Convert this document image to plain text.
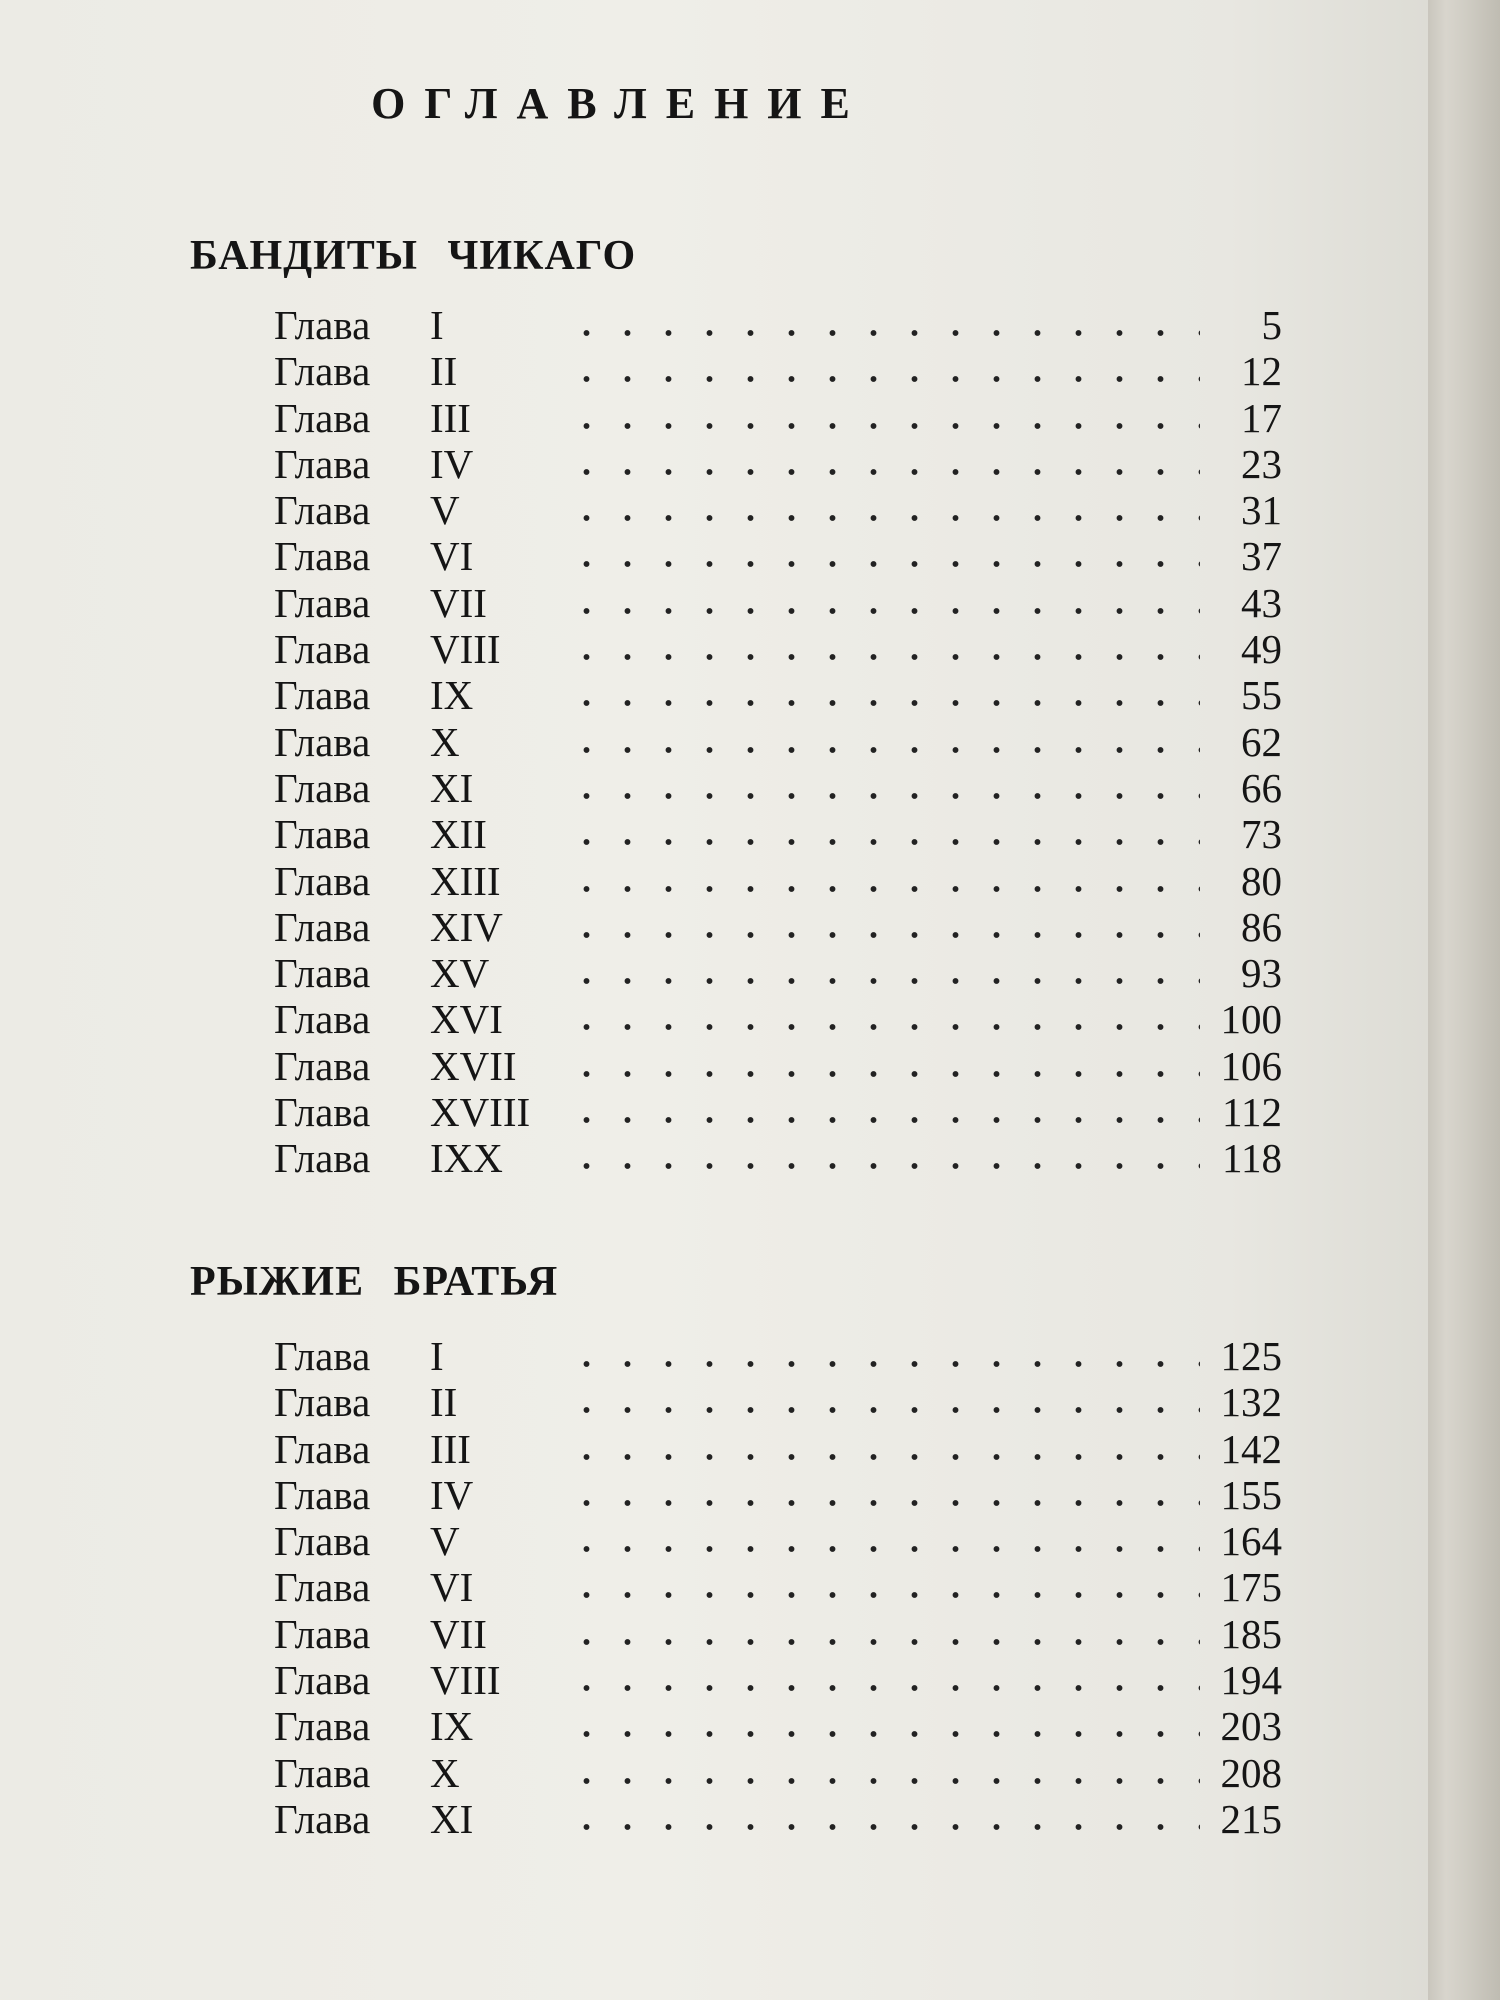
ОГЛАВЛЕНИЕ
БАНДИТЫ ЧИКАГО
Глава I	5
Глава II	12
Глава III	17
Глава IV	23
Глава V	31
Глава VI	37
Глава VII	43
Глава VIII	49
Глава IX	55
Глава X	62
Глава XI	66
Глава XII	73
Глава XIII	80
Глава XIV	86
Глава XV	93
Глава XVI	100
Глава XVII	106
Глава XVIII	112
Глава IXX	118
РЫЖИЕ БРАТЬЯ
Глава I	125
Глава II	132
Глава III	142
Глава IV	155
Глава V	164
Глава VI	175
Глава VII	185
Глава VIII	194
Глава IX	203
Глава X	208
Глава XI	215
